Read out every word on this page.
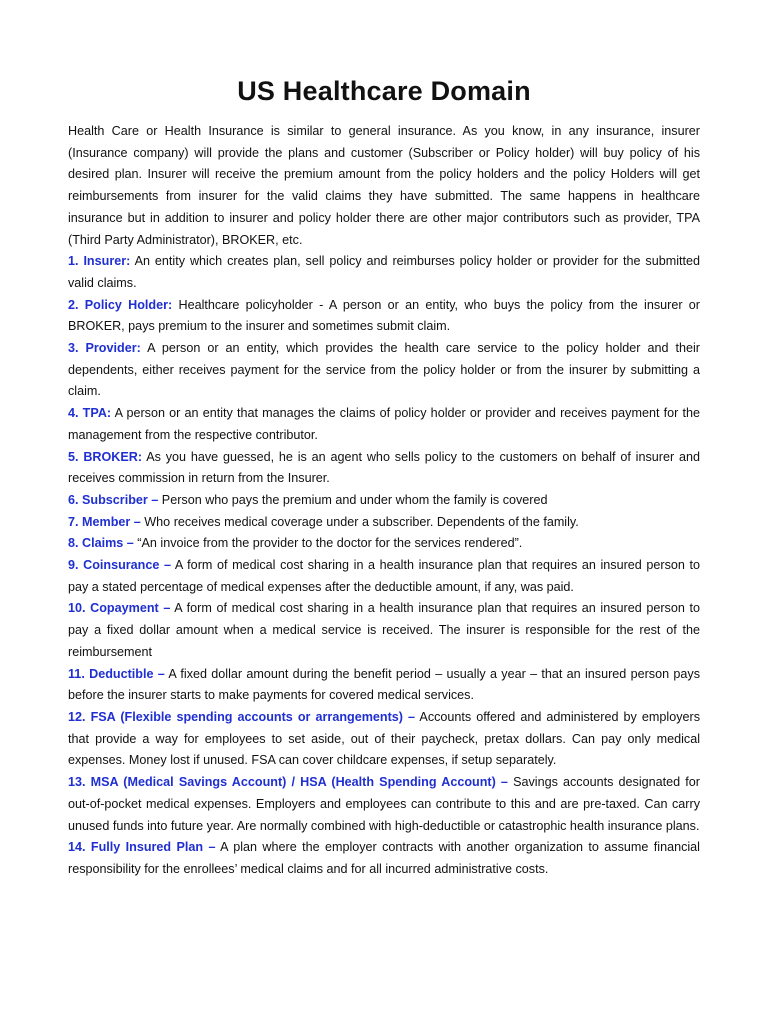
US Healthcare Domain

Health Care or Health Insurance is similar to general insurance. As you know, in any insurance, insurer (Insurance company) will provide the plans and customer (Subscriber or Policy holder) will buy policy of his desired plan. Insurer will receive the premium amount from the policy holders and the policy Holders will get reimbursements from insurer for the valid claims they have submitted. The same happens in healthcare insurance but in addition to insurer and policy holder there are other major contributors such as provider, TPA (Third Party Administrator), BROKER, etc.

1. Insurer: An entity which creates plan, sell policy and reimburses policy holder or provider for the submitted valid claims.

2. Policy Holder: Healthcare policyholder - A person or an entity, who buys the policy from the insurer or BROKER, pays premium to the insurer and sometimes submit claim.

3. Provider: A person or an entity, which provides the health care service to the policy holder and their dependents, either receives payment for the service from the policy holder or from the insurer by submitting a claim.

4. TPA: A person or an entity that manages the claims of policy holder or provider and receives payment for the management from the respective contributor.

5. BROKER: As you have guessed, he is an agent who sells policy to the customers on behalf of insurer and receives commission in return from the Insurer.

6. Subscriber – Person who pays the premium and under whom the family is covered

7. Member – Who receives medical coverage under a subscriber. Dependents of the family.

8. Claims – “An invoice from the provider to the doctor for the services rendered”.

9. Coinsurance – A form of medical cost sharing in a health insurance plan that requires an insured person to pay a stated percentage of medical expenses after the deductible amount, if any, was paid.

10. Copayment – A form of medical cost sharing in a health insurance plan that requires an insured person to pay a fixed dollar amount when a medical service is received. The insurer is responsible for the rest of the reimbursement

11. Deductible – A fixed dollar amount during the benefit period – usually a year – that an insured person pays before the insurer starts to make payments for covered medical services.

12. FSA (Flexible spending accounts or arrangements) – Accounts offered and administered by employers that provide a way for employees to set aside, out of their paycheck, pretax dollars. Can pay only medical expenses. Money lost if unused. FSA can cover childcare expenses, if setup separately.

13. MSA (Medical Savings Account) / HSA (Health Spending Account) – Savings accounts designated for out-of-pocket medical expenses. Employers and employees can contribute to this and are pre-taxed. Can carry unused funds into future year. Are normally combined with high-deductible or catastrophic health insurance plans.

14. Fully Insured Plan – A plan where the employer contracts with another organization to assume financial responsibility for the enrollees’ medical claims and for all incurred administrative costs.
